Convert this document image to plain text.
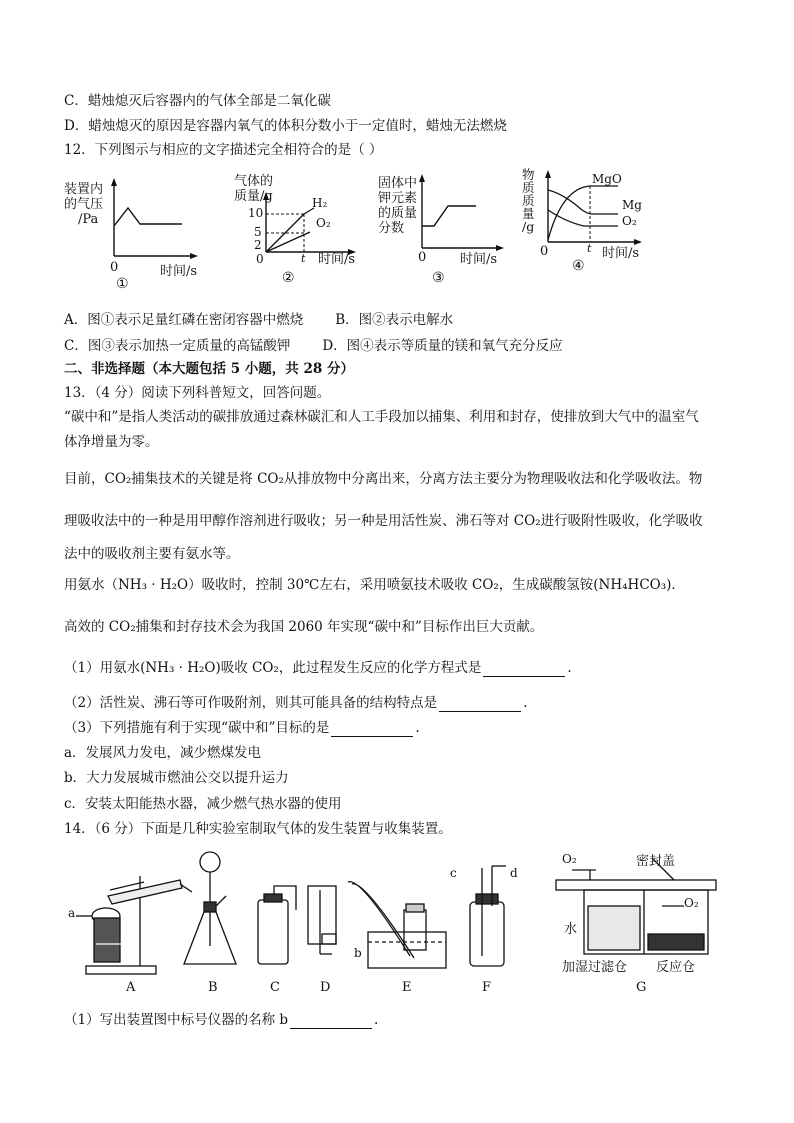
C．蜡烛熄灭后容器内的气体全部是二氧化碳
D．蜡烛熄灭的原因是容器内氧气的体积分数小于一定值时，蜡烛无法燃烧
12．下列图示与相应的文字描述完全相符合的是（ ）
装置内
的气压
/Pa
0	时间/s
①
气体的
质量/g
10
5
2
0	t
H₂
O₂
时间/s
②
固体中
钾元素
的质量
分数
0	时间/s
③
物
质
质
量
/g
0	t
MgO
Mg
O₂
时间/s
④
A．图①表示足量红磷在密闭容器中燃烧 B．图②表示电解水
C．图③表示加热一定质量的高锰酸钾 D．图④表示等质量的镁和氧气充分反应
二、非选择题（本大题包括 5 小题，共 28 分）
13．（4 分）阅读下列科普短文，回答问题。
“碳中和”是指人类活动的碳排放通过森林碳汇和人工手段加以捕集、利用和封存，使排放到大气中的温室气
体净增量为零。
目前，CO₂捕集技术的关键是将 CO₂从排放物中分离出来，分离方法主要分为物理吸收法和化学吸收法。物
理吸收法中的一种是用甲醇作溶剂进行吸收；另一种是用活性炭、沸石等对 CO₂进行吸附性吸收，化学吸收
法中的吸收剂主要有氨水等。
用氨水（NH₃ · H₂O）吸收时，控制 30℃左右，采用喷氨技术吸收 CO₂，生成碳酸氢铵(NH₄HCO₃)．
高效的 CO₂捕集和封存技术会为我国 2060 年实现“碳中和”目标作出巨大贡献。
（1）用氨水(NH₃ · H₂O)吸收 CO₂，此过程发生反应的化学方程式是	.
（2）活性炭、沸石等可作吸附剂，则其可能具备的结构特点是	.
（3）下列措施有利于实现“碳中和”目标的是	.
a．发展风力发电，减少燃煤发电
b．大力发展城市燃油公交以提升运力
c．安装太阳能热水器，减少燃气热水器的使用
14．（6 分）下面是几种实验室制取气体的发生装置与收集装置。
a
b
c	d
O₂
O₂
密封盖
水
加湿过滤仓 反应仓
A	B	C	D	E	F	G
（1）写出装置图中标号仪器的名称 b	.
